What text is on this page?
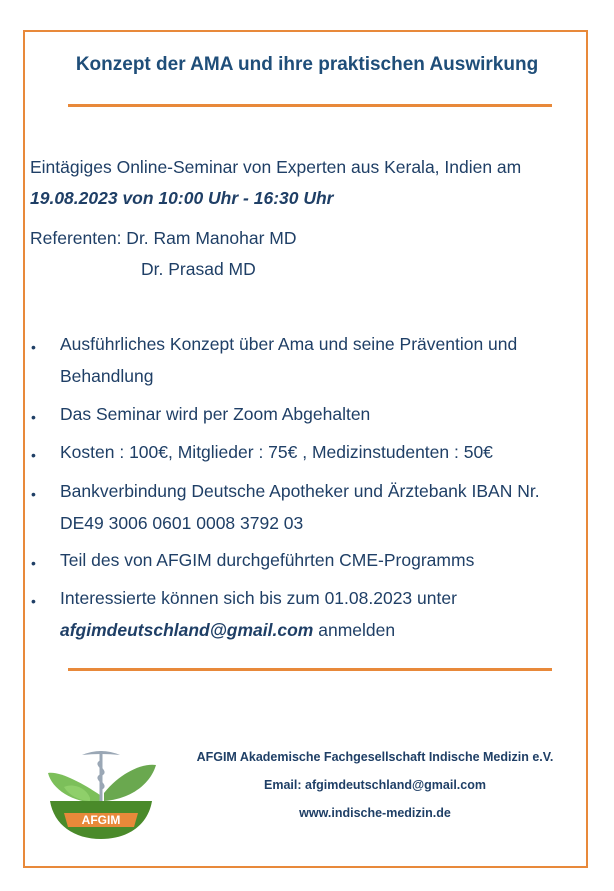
Konzept der AMA und ihre praktischen Auswirkung
Eintägiges Online-Seminar von Experten aus Kerala, Indien am
19.08.2023 von 10:00 Uhr - 16:30 Uhr
Referenten: Dr. Ram Manohar MD
Dr. Prasad MD
• Ausführliches Konzept über Ama und seine Prävention und Behandlung
• Das Seminar wird per Zoom Abgehalten
• Kosten : 100€, Mitglieder : 75€ , Medizinstudenten : 50€
• Bankverbindung Deutsche Apotheker und Ärztebank IBAN Nr. DE49 3006 0601 0008 3792 03
• Teil des von AFGIM durchgeführten CME-Programms
• Interessierte können sich bis zum 01.08.2023 unter afgimdeutschland@gmail.com anmelden
AFGIM
AFGIM Akademische Fachgesellschaft Indische Medizin e.V.
Email: afgimdeutschland@gmail.com
www.indische-medizin.de
